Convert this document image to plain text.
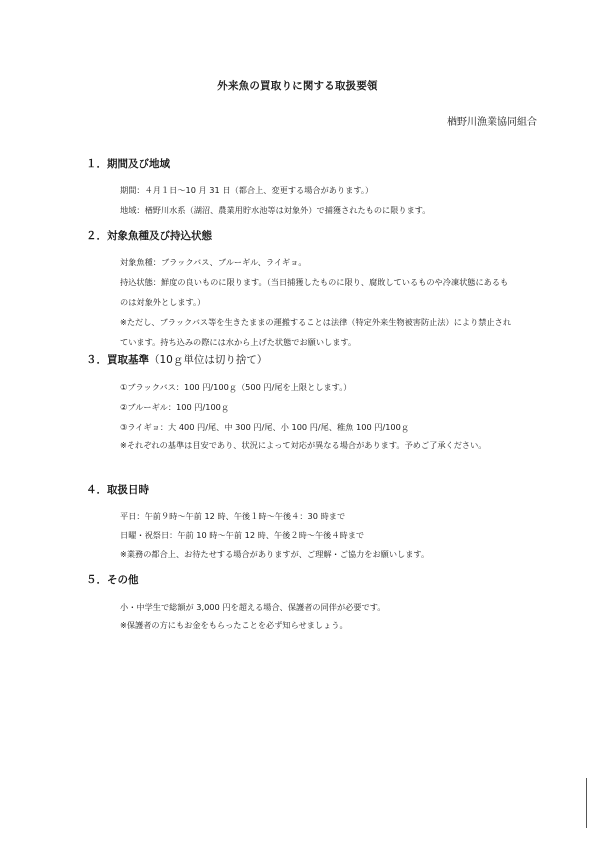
外来魚の買取りに関する取扱要領
楢野川漁業協同組合
１．期間及び地域
期間：４月１日〜10 月 31 日（都合上、変更する場合があります。）
地域：楢野川水系（湖沼、農業用貯水池等は対象外）で捕獲されたものに限ります。
２．対象魚種及び持込状態
対象魚種：ブラックバス、ブルーギル、ライギョ。
持込状態：鮮度の良いものに限ります。（当日捕獲したものに限り、腐敗しているものや冷凍状態にあるものは対象外とします。）
※ただし、ブラックバス等を生きたままの運搬することは法律（特定外来生物被害防止法）により禁止されています。持ち込みの際には水から上げた状態でお願いします。
３．買取基準（10ｇ単位は切り捨て）
①ブラックバス：100 円/100ｇ（500 円/尾を上限とします。）
②ブルーギル：100 円/100ｇ
③ライギョ：大 400 円/尾、中 300 円/尾、小 100 円/尾、稚魚 100 円/100ｇ
※それぞれの基準は目安であり、状況によって対応が異なる場合があります。予めご了承ください。
４．取扱日時
平日：午前９時〜午前 12 時、午後１時〜午後４：30 時まで
日曜・祝祭日：午前 10 時〜午前 12 時、午後２時〜午後４時まで
※業務の都合上、お待たせする場合がありますが、ご理解・ご協力をお願いします。
５．その他
小・中学生で総額が 3,000 円を超える場合、保護者の同伴が必要です。
※保護者の方にもお金をもらったことを必ず知らせましょう。
